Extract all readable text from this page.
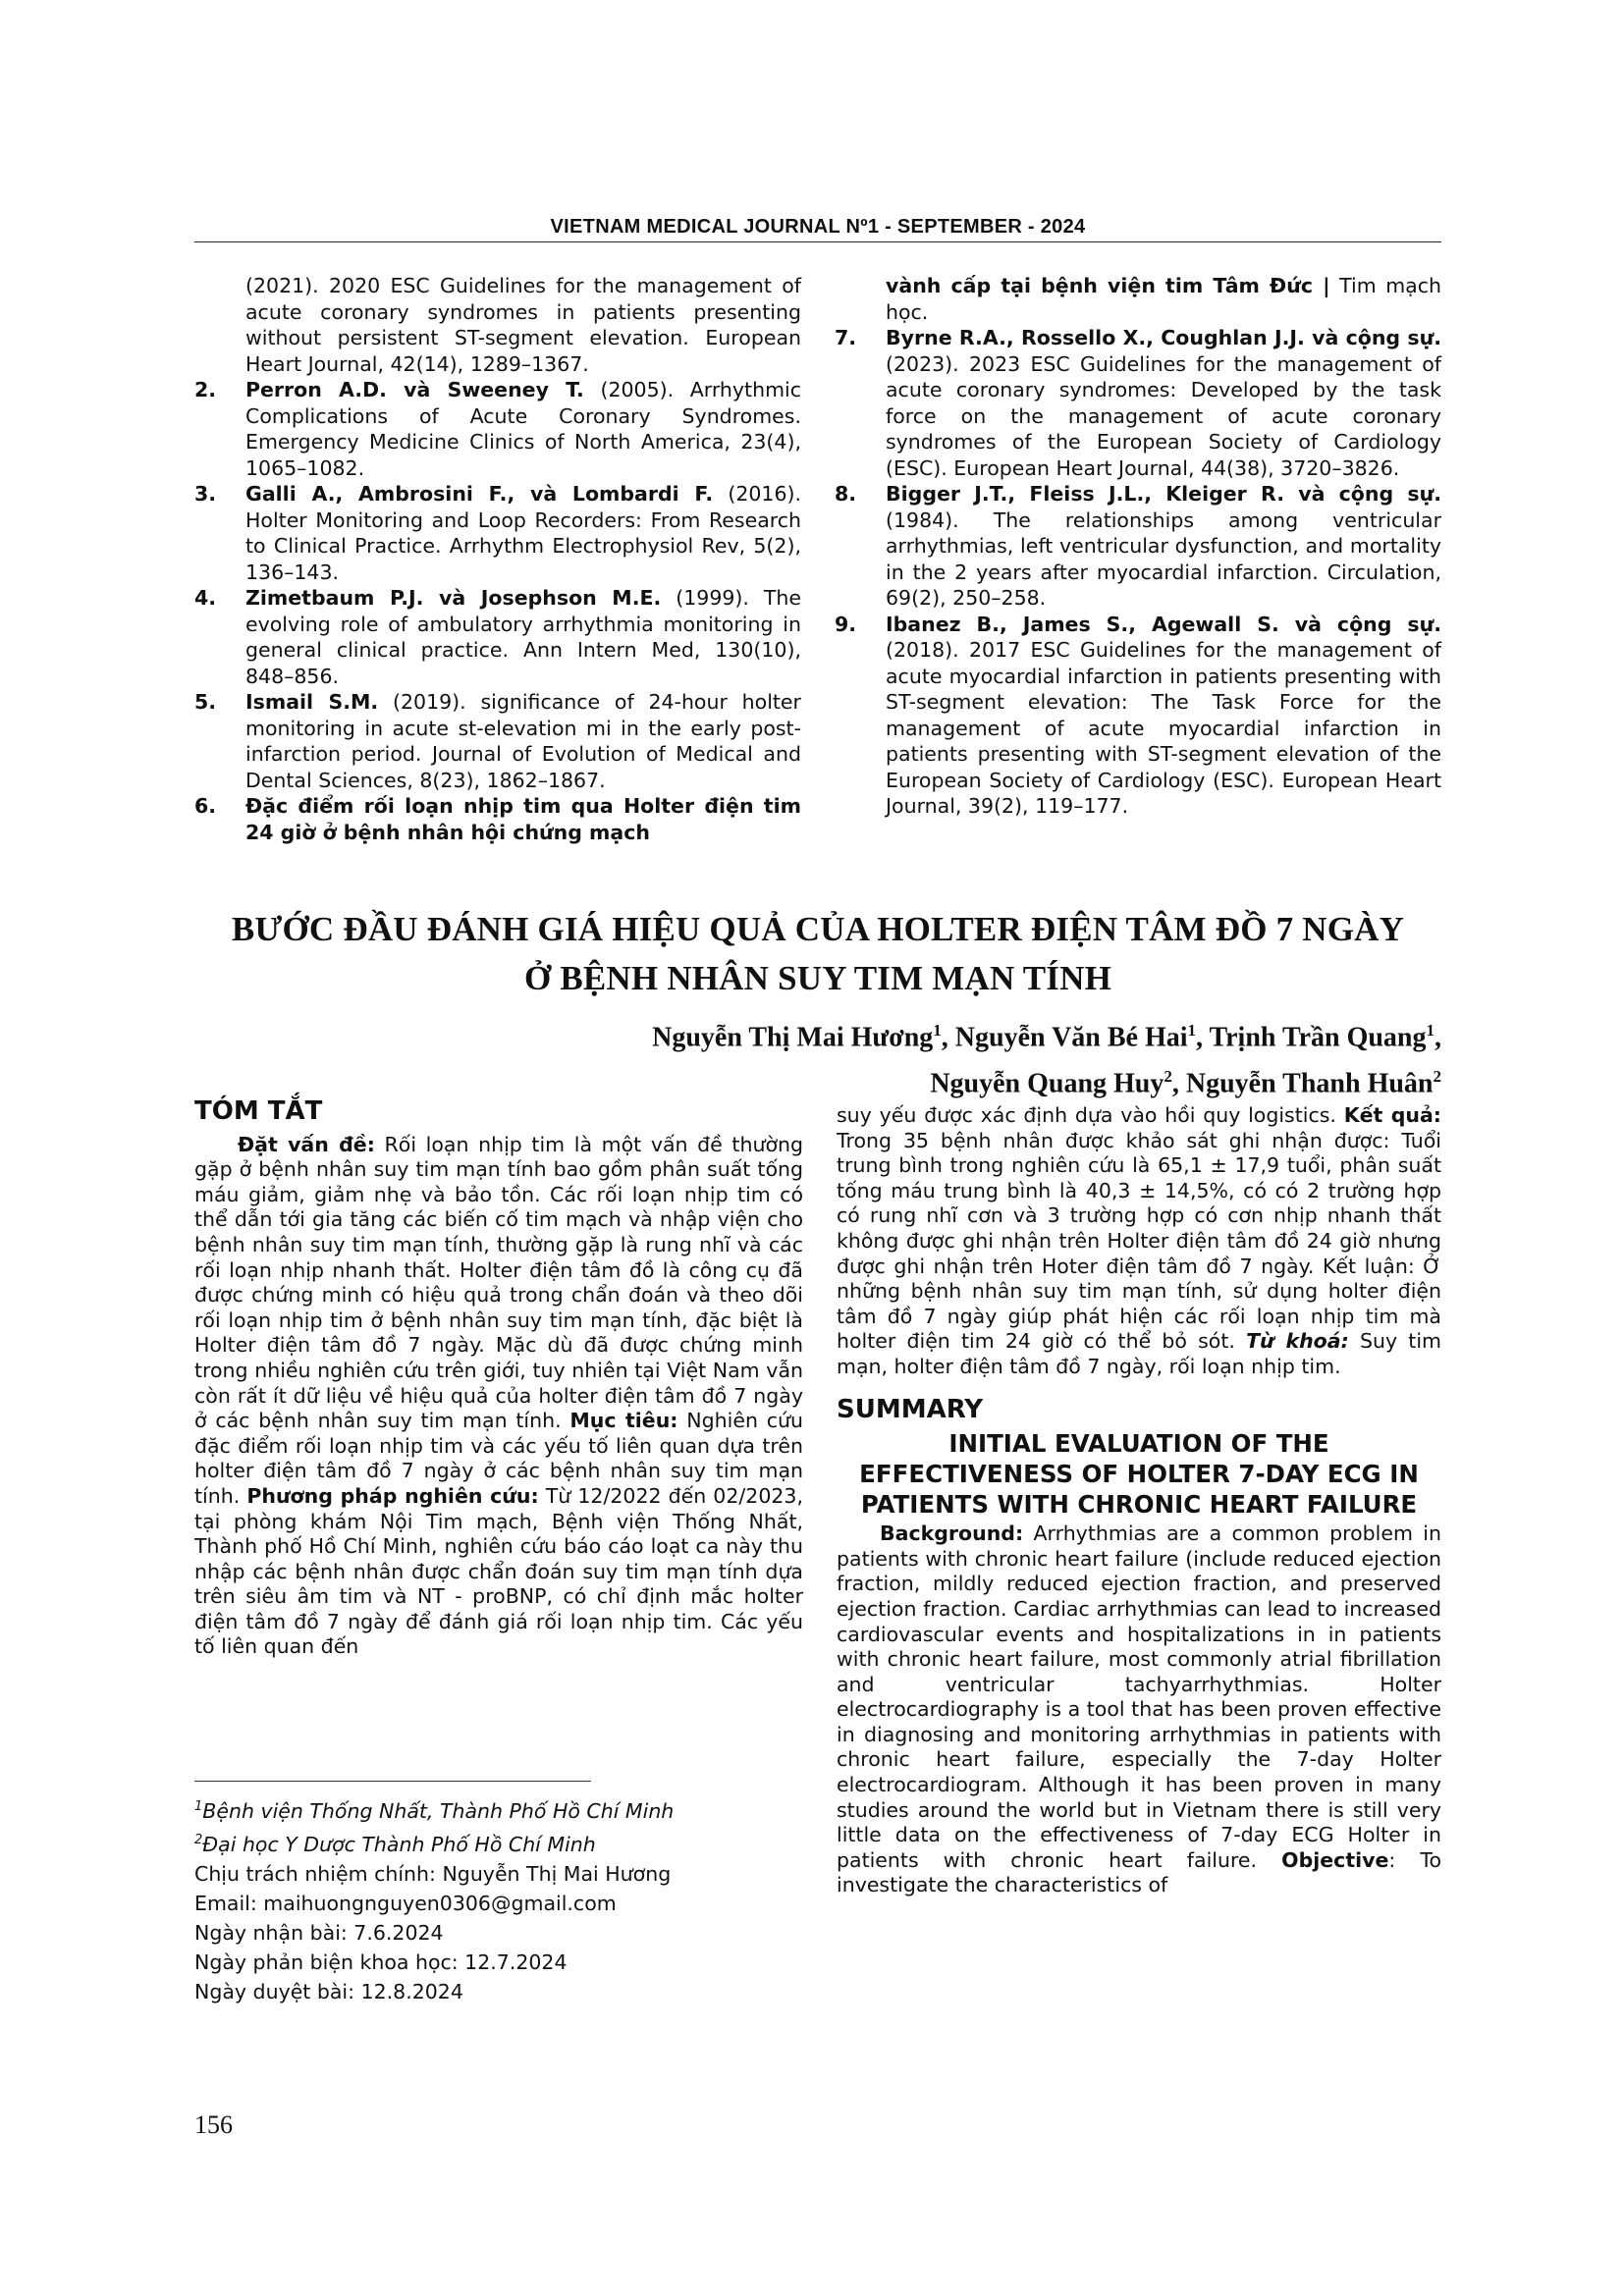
VIETNAM MEDICAL JOURNAL Nº1 - SEPTEMBER - 2024
(2021). 2020 ESC Guidelines for the management of acute coronary syndromes in patients presenting without persistent ST-segment elevation. European Heart Journal, 42(14), 1289–1367.
2.	Perron A.D. và Sweeney T. (2005). Arrhythmic Complications of Acute Coronary Syndromes. Emergency Medicine Clinics of North America, 23(4), 1065–1082.
3.	Galli A., Ambrosini F., và Lombardi F. (2016). Holter Monitoring and Loop Recorders: From Research to Clinical Practice. Arrhythm Electrophysiol Rev, 5(2), 136–143.
4.	Zimetbaum P.J. và Josephson M.E. (1999). The evolving role of ambulatory arrhythmia monitoring in general clinical practice. Ann Intern Med, 130(10), 848–856.
5.	Ismail S.M. (2019). significance of 24-hour holter monitoring in acute st-elevation mi in the early post-infarction period. Journal of Evolution of Medical and Dental Sciences, 8(23), 1862–1867.
6.	Đặc điểm rối loạn nhịp tim qua Holter điện tim 24 giờ ở bệnh nhân hội chứng mạch
vành cấp tại bệnh viện tim Tâm Đức | Tim mạch học.
7.	Byrne R.A., Rossello X., Coughlan J.J. và cộng sự. (2023). 2023 ESC Guidelines for the management of acute coronary syndromes: Developed by the task force on the management of acute coronary syndromes of the European Society of Cardiology (ESC). European Heart Journal, 44(38), 3720–3826.
8.	Bigger J.T., Fleiss J.L., Kleiger R. và cộng sự. (1984). The relationships among ventricular arrhythmias, left ventricular dysfunction, and mortality in the 2 years after myocardial infarction. Circulation, 69(2), 250–258.
9.	Ibanez B., James S., Agewall S. và cộng sự. (2018). 2017 ESC Guidelines for the management of acute myocardial infarction in patients presenting with ST-segment elevation: The Task Force for the management of acute myocardial infarction in patients presenting with ST-segment elevation of the European Society of Cardiology (ESC). European Heart Journal, 39(2), 119–177.
BƯỚC ĐẦU ĐÁNH GIÁ HIỆU QUẢ CỦA HOLTER ĐIỆN TÂM ĐỒ 7 NGÀY
Ở BỆNH NHÂN SUY TIM MẠN TÍNH
Nguyễn Thị Mai Hương$^1$, Nguyễn Văn Bé Hai$^1$, Trịnh Trần Quang$^1$,
Nguyễn Quang Huy$^2$, Nguyễn Thanh Huân$^2$
TÓM TẮT

Đặt vấn đề: Rối loạn nhịp tim là một vấn đề thường gặp ở bệnh nhân suy tim mạn tính bao gồm phân suất tống máu giảm, giảm nhẹ và bảo tồn. Các rối loạn nhịp tim có thể dẫn tới gia tăng các biến cố tim mạch và nhập viện cho bệnh nhân suy tim mạn tính, thường gặp là rung nhĩ và các rối loạn nhịp nhanh thất. Holter điện tâm đồ là công cụ đã được chứng minh có hiệu quả trong chẩn đoán và theo dõi rối loạn nhịp tim ở bệnh nhân suy tim mạn tính, đặc biệt là Holter điện tâm đồ 7 ngày. Mặc dù đã được chứng minh trong nhiều nghiên cứu trên giới, tuy nhiên tại Việt Nam vẫn còn rất ít dữ liệu về hiệu quả của holter điện tâm đồ 7 ngày ở các bệnh nhân suy tim mạn tính. Mục tiêu: Nghiên cứu đặc điểm rối loạn nhịp tim và các yếu tố liên quan dựa trên holter điện tâm đồ 7 ngày ở các bệnh nhân suy tim mạn tính. Phương pháp nghiên cứu: Từ 12/2022 đến 02/2023, tại phòng khám Nội Tim mạch, Bệnh viện Thống Nhất, Thành phố Hồ Chí Minh, nghiên cứu báo cáo loạt ca này thu nhập các bệnh nhân được chẩn đoán suy tim mạn tính dựa trên siêu âm tim và NT - proBNP, có chỉ định mắc holter điện tâm đồ 7 ngày để đánh giá rối loạn nhịp tim. Các yếu tố liên quan đến

$^1$Bệnh viện Thống Nhất, Thành Phố Hồ Chí Minh
$^2$Đại học Y Dược Thành Phố Hồ Chí Minh
Chịu trách nhiệm chính: Nguyễn Thị Mai Hương
Email: maihuongnguyen0306@gmail.com
Ngày nhận bài: 7.6.2024
Ngày phản biện khoa học: 12.7.2024
Ngày duyệt bài: 12.8.2024

suy yếu được xác định dựa vào hồi quy logistics. Kết quả: Trong 35 bệnh nhân được khảo sát ghi nhận được: Tuổi trung bình trong nghiên cứu là 65,1 ± 17,9 tuổi, phân suất tống máu trung bình là 40,3 ± 14,5%, có có 2 trường hợp có rung nhĩ cơn và 3 trường hợp có cơn nhịp nhanh thất không được ghi nhận trên Holter điện tâm đồ 24 giờ nhưng được ghi nhận trên Hoter điện tâm đồ 7 ngày. Kết luận: Ở những bệnh nhân suy tim mạn tính, sử dụng holter điện tâm đồ 7 ngày giúp phát hiện các rối loạn nhịp tim mà holter điện tim 24 giờ có thể bỏ sót. Từ khoá: Suy tim mạn, holter điện tâm đồ 7 ngày, rối loạn nhịp tim.

SUMMARY
INITIAL EVALUATION OF THE
EFFECTIVENESS OF HOLTER 7-DAY ECG IN
PATIENTS WITH CHRONIC HEART FAILURE

Background: Arrhythmias are a common problem in patients with chronic heart failure (include reduced ejection fraction, mildly reduced ejection fraction, and preserved ejection fraction. Cardiac arrhythmias can lead to increased cardiovascular events and hospitalizations in in patients with chronic heart failure, most commonly atrial fibrillation and ventricular tachyarrhythmias. Holter electrocardiography is a tool that has been proven effective in diagnosing and monitoring arrhythmias in patients with chronic heart failure, especially the 7-day Holter electrocardiogram. Although it has been proven in many studies around the world but in Vietnam there is still very little data on the effectiveness of 7-day ECG Holter in patients with chronic heart failure. Objective: To investigate the characteristics of

156
